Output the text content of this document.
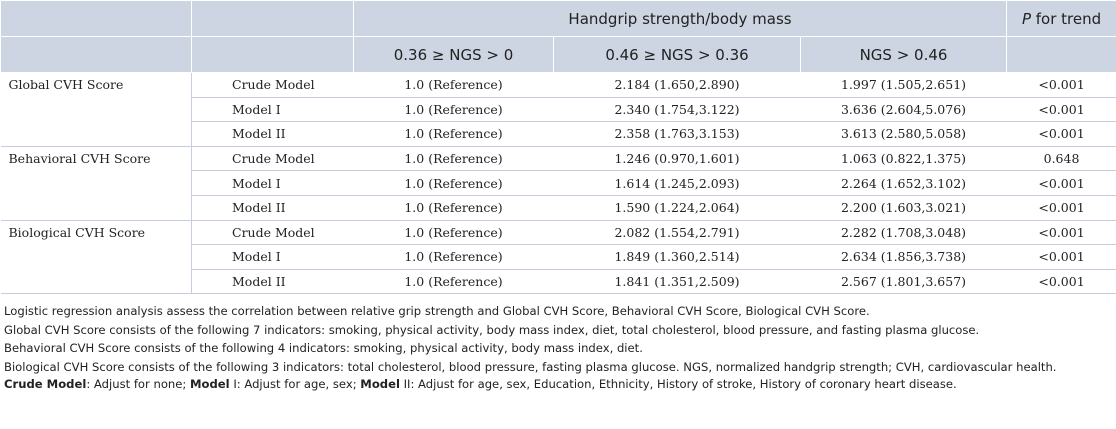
		Handgrip strength/body mass			P for trend
		0.36 ≥ NGS > 0	0.46 ≥ NGS > 0.36	NGS > 0.46	
Global CVH Score	Crude Model	1.0 (Reference)	2.184 (1.650,2.890)	1.997 (1.505,2.651)	<0.001
	Model I	1.0 (Reference)	2.340 (1.754,3.122)	3.636 (2.604,5.076)	<0.001
	Model II	1.0 (Reference)	2.358 (1.763,3.153)	3.613 (2.580,5.058)	<0.001
Behavioral CVH Score	Crude Model	1.0 (Reference)	1.246 (0.970,1.601)	1.063 (0.822,1.375)	0.648
	Model I	1.0 (Reference)	1.614 (1.245,2.093)	2.264 (1.652,3.102)	<0.001
	Model II	1.0 (Reference)	1.590 (1.224,2.064)	2.200 (1.603,3.021)	<0.001
Biological CVH Score	Crude Model	1.0 (Reference)	2.082 (1.554,2.791)	2.282 (1.708,3.048)	<0.001
	Model I	1.0 (Reference)	1.849 (1.360,2.514)	2.634 (1.856,3.738)	<0.001
	Model II	1.0 (Reference)	1.841 (1.351,2.509)	2.567 (1.801,3.657)	<0.001

Logistic regression analysis assess the correlation between relative grip strength and Global CVH Score, Behavioral CVH Score, Biological CVH Score.

Global CVH Score consists of the following 7 indicators: smoking, physical activity, body mass index, diet, total cholesterol, blood pressure, and fasting plasma glucose.

Behavioral CVH Score consists of the following 4 indicators: smoking, physical activity, body mass index, diet.

Biological CVH Score consists of the following 3 indicators: total cholesterol, blood pressure, fasting plasma glucose. NGS, normalized handgrip strength; CVH, cardiovascular health.

Crude Model: Adjust for none; Model I: Adjust for age, sex; Model II: Adjust for age, sex, Education, Ethnicity, History of stroke, History of coronary heart disease.
